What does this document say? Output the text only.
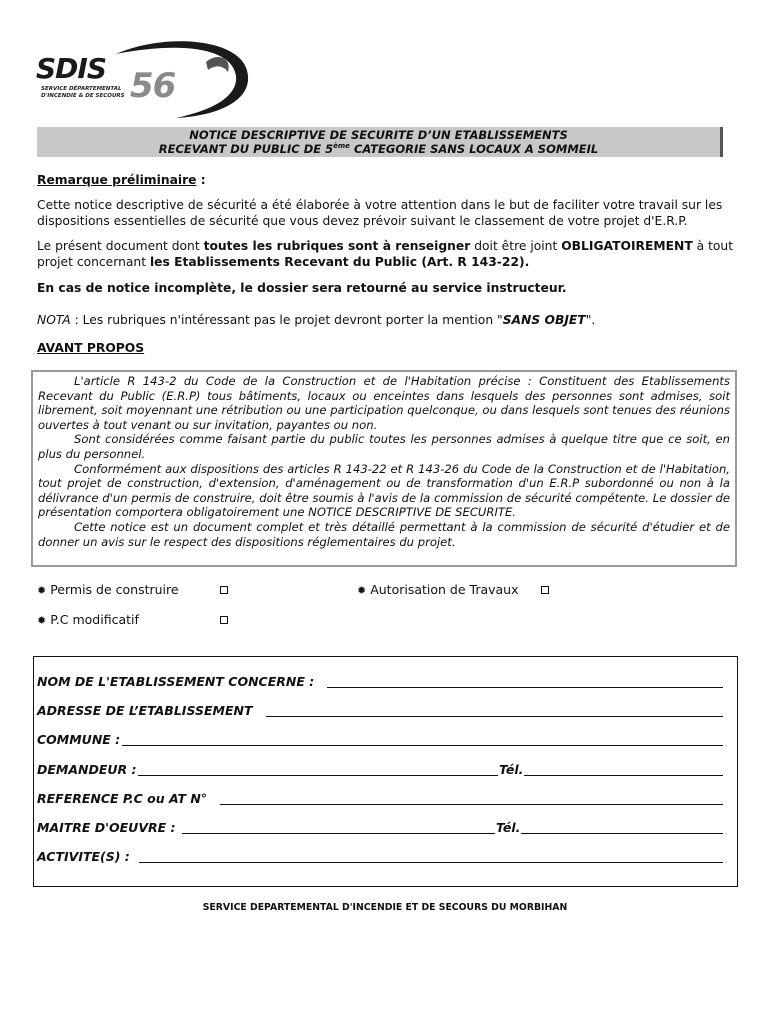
SDIS 56
SERVICE DÉPARTEMENTAL
D'INCENDIE & DE SECOURS
NOTICE DESCRIPTIVE DE SECURITE D’UN ETABLISSEMENTS
RECEVANT DU PUBLIC DE 5ème CATEGORIE SANS LOCAUX A SOMMEIL
Remarque préliminaire :
Cette notice descriptive de sécurité a été élaborée à votre attention dans le but de faciliter votre travail sur les dispositions essentielles de sécurité que vous devez prévoir suivant le classement de votre projet d'E.R.P.
Le présent document dont toutes les rubriques sont à renseigner doit être joint OBLIGATOIREMENT à tout projet concernant les Etablissements Recevant du Public (Art. R 143-22).
En cas de notice incomplète, le dossier sera retourné au service instructeur.
NOTA : Les rubriques n'intéressant pas le projet devront porter la mention "SANS OBJET".
AVANT PROPOS

L'article R 143-2 du Code de la Construction et de l'Habitation précise : Constituent des Etablissements Recevant du Public (E.R.P) tous bâtiments, locaux ou enceintes dans lesquels des personnes sont admises, soit librement, soit moyennant une rétribution ou une participation quelconque, ou dans lesquels sont tenues des réunions ouvertes à tout venant ou sur invitation, payantes ou non.

Sont considérées comme faisant partie du public toutes les personnes admises à quelque titre que ce soit, en plus du personnel.

Conformément aux dispositions des articles R 143-22 et R 143-26 du Code de la Construction et de l'Habitation, tout projet de construction, d'extension, d'aménagement ou de transformation d'un E.R.P subordonné ou non à la délivrance d'un permis de construire, doit être soumis à l'avis de la commission de sécurité compétente. Le dossier de présentation comportera obligatoirement une NOTICE DESCRIPTIVE DE SECURITE.

Cette notice est un document complet et très détaillé permettant à la commission de sécurité d'étudier et de donner un avis sur le respect des dispositions réglementaires du projet.

✹ Permis de construire	✹ Autorisation de Travaux
✹ P.C modificatif
NOM DE L'ETABLISSEMENT CONCERNE :
ADRESSE DE L’ETABLISSEMENT
COMMUNE :
DEMANDEUR :	Tél.
REFERENCE P.C ou AT N°
MAITRE D'OEUVRE :	Tél.
ACTIVITE(S) :
SERVICE DEPARTEMENTAL D'INCENDIE ET DE SECOURS DU MORBIHAN
